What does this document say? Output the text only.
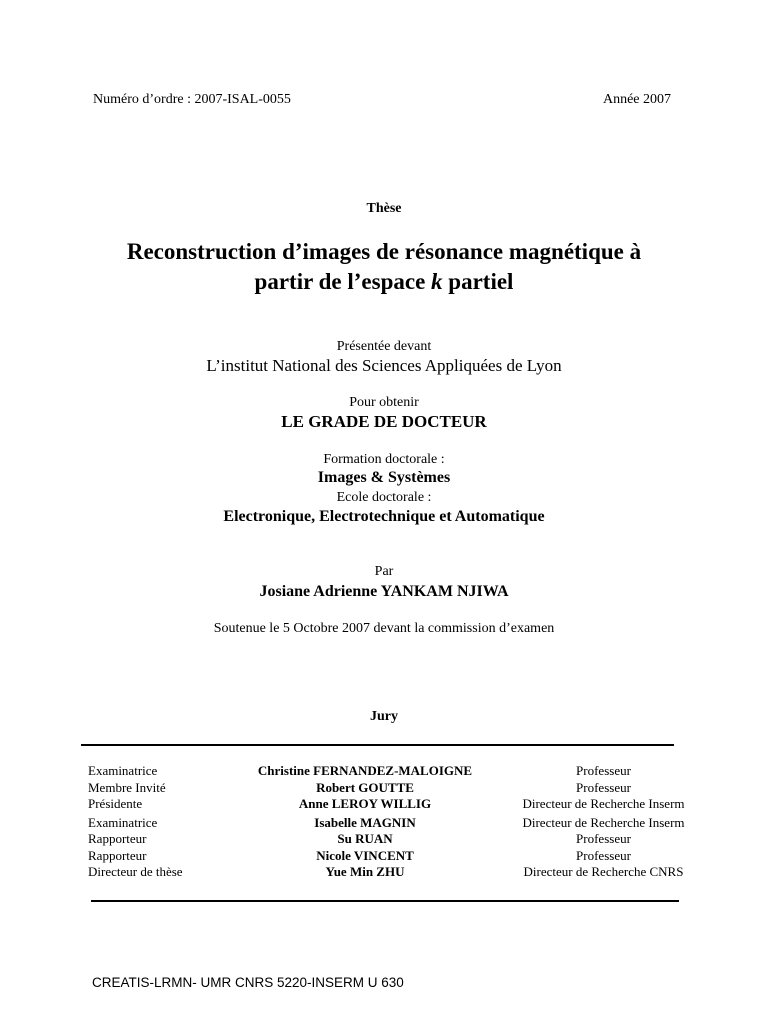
Numéro d’ordre : 2007-ISAL-0055	Année 2007
Thèse
Reconstruction d’images de résonance magnétique à
partir de l’espace k partiel
Présentée devant
L’institut National des Sciences Appliquées de Lyon
Pour obtenir
LE GRADE DE DOCTEUR
Formation doctorale :
Images & Systèmes
Ecole doctorale :
Electronique, Electrotechnique et Automatique
Par
Josiane Adrienne YANKAM NJIWA
Soutenue le 5 Octobre 2007 devant la commission d’examen
Jury
Examinatrice
Membre Invité
Présidente
Examinatrice
Rapporteur
Rapporteur
Directeur de thèse
Christine FERNANDEZ-MALOIGNE
Robert GOUTTE
Anne LEROY WILLIG
Isabelle MAGNIN
Su RUAN
Nicole VINCENT
Yue Min ZHU
Professeur
Professeur
Directeur de Recherche Inserm
Directeur de Recherche Inserm
Professeur
Professeur
Directeur de Recherche CNRS
CREATIS-LRMN- UMR CNRS 5220-INSERM U 630
